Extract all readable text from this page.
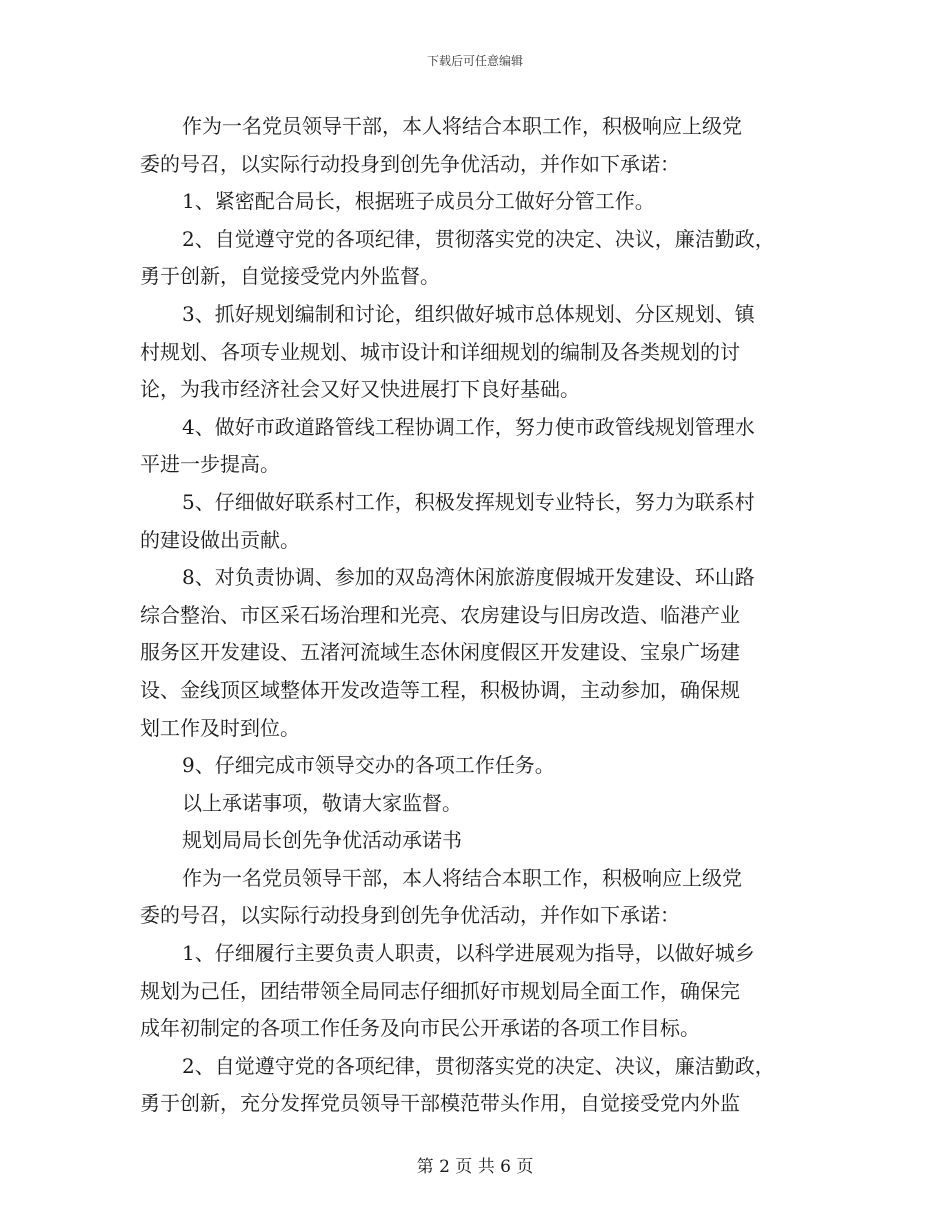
下载后可任意编辑
作为一名党员领导干部，本人将结合本职工作，积极响应上级党
委的号召，以实际行动投身到创先争优活动，并作如下承诺：
1、紧密配合局长，根据班子成员分工做好分管工作。
2、自觉遵守党的各项纪律，贯彻落实党的决定、决议，廉洁勤政，
勇于创新，自觉接受党内外监督。
3、抓好规划编制和讨论，组织做好城市总体规划、分区规划、镇
村规划、各项专业规划、城市设计和详细规划的编制及各类规划的讨
论，为我市经济社会又好又快进展打下良好基础。
4、做好市政道路管线工程协调工作，努力使市政管线规划管理水
平进一步提高。
5、仔细做好联系村工作，积极发挥规划专业特长，努力为联系村
的建设做出贡献。
8、对负责协调、参加的双岛湾休闲旅游度假城开发建设、环山路
综合整治、市区采石场治理和光亮、农房建设与旧房改造、临港产业
服务区开发建设、五渚河流域生态休闲度假区开发建设、宝泉广场建
设、金线顶区域整体开发改造等工程，积极协调，主动参加，确保规
划工作及时到位。
9、仔细完成市领导交办的各项工作任务。
以上承诺事项，敬请大家监督。
规划局局长创先争优活动承诺书
作为一名党员领导干部，本人将结合本职工作，积极响应上级党
委的号召，以实际行动投身到创先争优活动，并作如下承诺：
1、仔细履行主要负责人职责，以科学进展观为指导，以做好城乡
规划为己任，团结带领全局同志仔细抓好市规划局全面工作，确保完
成年初制定的各项工作任务及向市民公开承诺的各项工作目标。
2、自觉遵守党的各项纪律，贯彻落实党的决定、决议，廉洁勤政，
勇于创新，充分发挥党员领导干部模范带头作用，自觉接受党内外监
第 2 页 共 6 页
